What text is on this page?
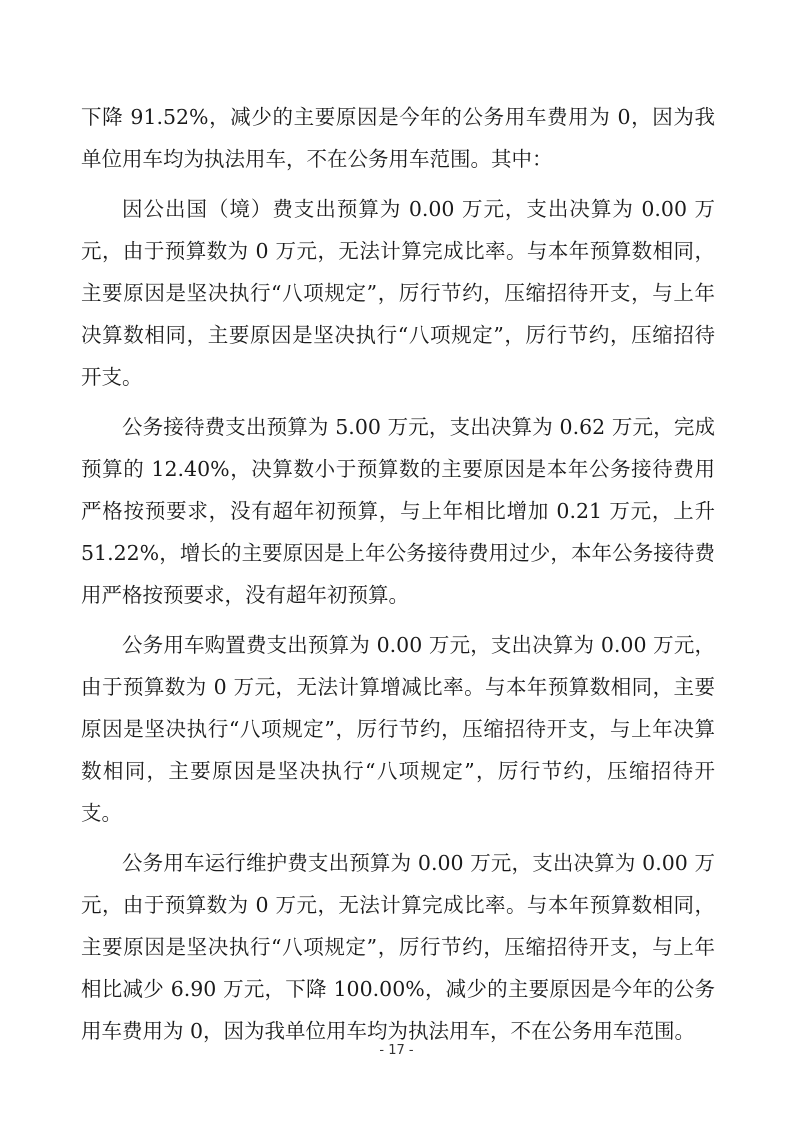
下降 91.52%，减少的主要原因是今年的公务用车费用为 0，因为我单位用车均为执法用车，不在公务用车范围。其中：

因公出国（境）费支出预算为 0.00 万元，支出决算为 0.00 万元，由于预算数为 0 万元，无法计算完成比率。与本年预算数相同，主要原因是坚决执行“八项规定”，厉行节约，压缩招待开支，与上年决算数相同，主要原因是坚决执行“八项规定”，厉行节约，压缩招待开支。

公务接待费支出预算为 5.00 万元，支出决算为 0.62 万元，完成预算的 12.40%，决算数小于预算数的主要原因是本年公务接待费用严格按预要求，没有超年初预算，与上年相比增加 0.21 万元，上升 51.22%，增长的主要原因是上年公务接待费用过少，本年公务接待费用严格按预要求，没有超年初预算。

公务用车购置费支出预算为 0.00 万元，支出决算为 0.00 万元，由于预算数为 0 万元，无法计算增减比率。与本年预算数相同，主要原因是坚决执行“八项规定”，厉行节约，压缩招待开支，与上年决算数相同，主要原因是坚决执行“八项规定”，厉行节约，压缩招待开支。

公务用车运行维护费支出预算为 0.00 万元，支出决算为 0.00 万元，由于预算数为 0 万元，无法计算完成比率。与本年预算数相同，主要原因是坚决执行“八项规定”，厉行节约，压缩招待开支，与上年相比减少 6.90 万元，下降 100.00%，减少的主要原因是今年的公务用车费用为 0，因为我单位用车均为执法用车，不在公务用车范围。

- 17 -
